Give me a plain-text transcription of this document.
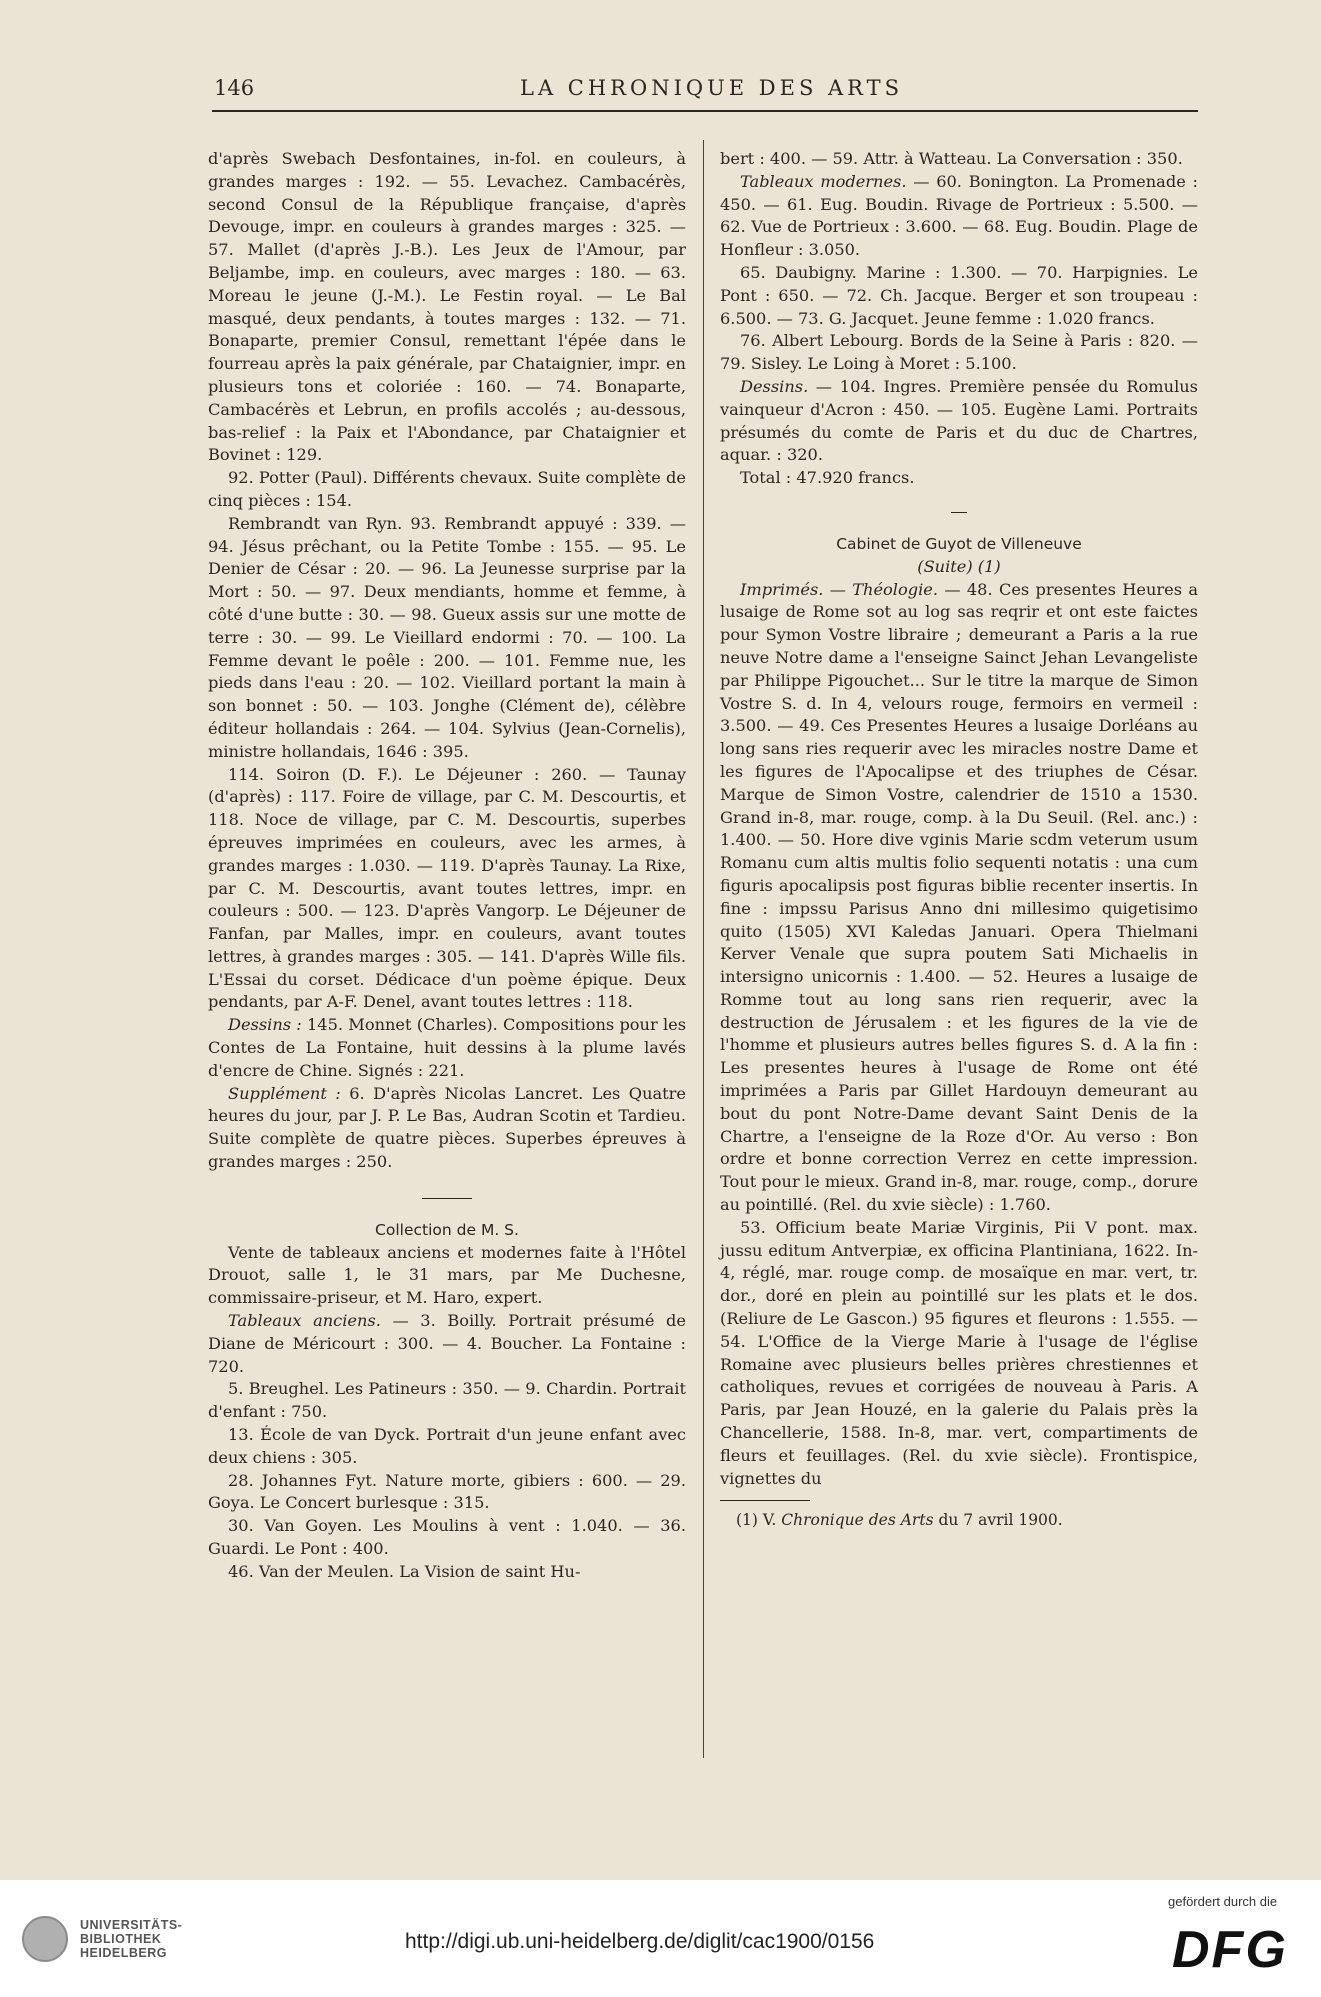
146	LA CHRONIQUE DES ARTS

d'après Swebach Desfontaines, in-fol. en couleurs, à grandes marges : 192. — 55. Levachez. Cambacérès, second Consul de la République française, d'après Devouge, impr. en couleurs à grandes marges : 325. — 57. Mallet (d'après J.-B.). Les Jeux de l'Amour, par Beljambe, imp. en couleurs, avec marges : 180. — 63. Moreau le jeune (J.-M.). Le Festin royal. — Le Bal masqué, deux pendants, à toutes marges : 132. — 71. Bonaparte, premier Consul, remettant l'épée dans le fourreau après la paix générale, par Chataignier, impr. en plusieurs tons et coloriée : 160. — 74. Bonaparte, Cambacérès et Lebrun, en profils accolés ; au-dessous, bas-relief : la Paix et l'Abondance, par Chataignier et Bovinet : 129.

92. Potter (Paul). Différents chevaux. Suite complète de cinq pièces : 154.

Rembrandt van Ryn. 93. Rembrandt appuyé : 339. — 94. Jésus prêchant, ou la Petite Tombe : 155. — 95. Le Denier de César : 20. — 96. La Jeunesse surprise par la Mort : 50. — 97. Deux mendiants, homme et femme, à côté d'une butte : 30. — 98. Gueux assis sur une motte de terre : 30. — 99. Le Vieillard endormi : 70. — 100. La Femme devant le poêle : 200. — 101. Femme nue, les pieds dans l'eau : 20. — 102. Vieillard portant la main à son bonnet : 50. — 103. Jonghe (Clément de), célèbre éditeur hollandais : 264. — 104. Sylvius (Jean-Cornelis), ministre hollandais, 1646 : 395.

114. Soiron (D. F.). Le Déjeuner : 260. — Taunay (d'après) : 117. Foire de village, par C. M. Descourtis, et 118. Noce de village, par C. M. Descourtis, superbes épreuves imprimées en couleurs, avec les armes, à grandes marges : 1.030. — 119. D'après Taunay. La Rixe, par C. M. Descourtis, avant toutes lettres, impr. en couleurs : 500. — 123. D'après Vangorp. Le Déjeuner de Fanfan, par Malles, impr. en couleurs, avant toutes lettres, à grandes marges : 305. — 141. D'après Wille fils. L'Essai du corset. Dédicace d'un poème épique. Deux pendants, par A-F. Denel, avant toutes lettres : 118.

Dessins : 145. Monnet (Charles). Compositions pour les Contes de La Fontaine, huit dessins à la plume lavés d'encre de Chine. Signés : 221.

Supplément : 6. D'après Nicolas Lancret. Les Quatre heures du jour, par J. P. Le Bas, Audran Scotin et Tardieu. Suite complète de quatre pièces. Superbes épreuves à grandes marges : 250.

Collection de M. S.

Vente de tableaux anciens et modernes faite à l'Hôtel Drouot, salle 1, le 31 mars, par Me Duchesne, commissaire-priseur, et M. Haro, expert.

Tableaux anciens. — 3. Boilly. Portrait présumé de Diane de Méricourt : 300. — 4. Boucher. La Fontaine : 720.

5. Breughel. Les Patineurs : 350. — 9. Chardin. Portrait d'enfant : 750.

13. École de van Dyck. Portrait d'un jeune enfant avec deux chiens : 305.

28. Johannes Fyt. Nature morte, gibiers : 600. — 29. Goya. Le Concert burlesque : 315.

30. Van Goyen. Les Moulins à vent : 1.040. — 36. Guardi. Le Pont : 400.

46. Van der Meulen. La Vision de saint Hu-

bert : 400. — 59. Attr. à Watteau. La Conversation : 350.

Tableaux modernes. — 60. Bonington. La Promenade : 450. — 61. Eug. Boudin. Rivage de Portrieux : 5.500. — 62. Vue de Portrieux : 3.600. — 68. Eug. Boudin. Plage de Honfleur : 3.050.

65. Daubigny. Marine : 1.300. — 70. Harpignies. Le Pont : 650. — 72. Ch. Jacque. Berger et son troupeau : 6.500. — 73. G. Jacquet. Jeune femme : 1.020 francs.

76. Albert Lebourg. Bords de la Seine à Paris : 820. — 79. Sisley. Le Loing à Moret : 5.100.

Dessins. — 104. Ingres. Première pensée du Romulus vainqueur d'Acron : 450. — 105. Eugène Lami. Portraits présumés du comte de Paris et du duc de Chartres, aquar. : 320.

Total : 47.920 francs.

Cabinet de Guyot de Villeneuve

(Suite) (1)

Imprimés. — Théologie. — 48. Ces presentes Heures a lusaige de Rome sot au log sas reqrir et ont este faictes pour Symon Vostre libraire ; demeurant a Paris a la rue neuve Notre dame a l'enseigne Sainct Jehan Levangeliste par Philippe Pigouchet... Sur le titre la marque de Simon Vostre S. d. In 4, velours rouge, fermoirs en vermeil : 3.500. — 49. Ces Presentes Heures a lusaige Dorléans au long sans ries requerir avec les miracles nostre Dame et les figures de l'Apocalipse et des triuphes de César. Marque de Simon Vostre, calendrier de 1510 a 1530. Grand in-8, mar. rouge, comp. à la Du Seuil. (Rel. anc.) : 1.400. — 50. Hore dive vginis Marie scdm veterum usum Romanu cum altis multis folio sequenti notatis : una cum figuris apocalipsis post figuras biblie recenter insertis. In fine : impssu Parisus Anno dni millesimo quigetisimo quito (1505) XVI Kaledas Januari. Opera Thielmani Kerver Venale que supra poutem Sati Michaelis in intersigno unicornis : 1.400. — 52. Heures a lusaige de Romme tout au long sans rien requerir, avec la destruction de Jérusalem : et les figures de la vie de l'homme et plusieurs autres belles figures S. d. A la fin : Les presentes heures à l'usage de Rome ont été imprimées a Paris par Gillet Hardouyn demeurant au bout du pont Notre-Dame devant Saint Denis de la Chartre, a l'enseigne de la Roze d'Or. Au verso : Bon ordre et bonne correction Verrez en cette impression. Tout pour le mieux. Grand in-8, mar. rouge, comp., dorure au pointillé. (Rel. du xvie siècle) : 1.760.

53. Officium beate Mariæ Virginis, Pii V pont. max. jussu editum Antverpiæ, ex officina Plantiniana, 1622. In-4, réglé, mar. rouge comp. de mosaïque en mar. vert, tr. dor., doré en plein au pointillé sur les plats et le dos. (Reliure de Le Gascon.) 95 figures et fleurons : 1.555. — 54. L'Office de la Vierge Marie à l'usage de l'église Romaine avec plusieurs belles prières chrestiennes et catholiques, revues et corrigées de nouveau à Paris. A Paris, par Jean Houzé, en la galerie du Palais près la Chancellerie, 1588. In-8, mar. vert, compartiments de fleurs et feuillages. (Rel. du xvie siècle). Frontispice, vignettes du

(1) V. Chronique des Arts du 7 avril 1900.

UNIVERSITÄTS-
BIBLIOTHEK
HEIDELBERG	http://digi.ub.uni-heidelberg.de/diglit/cac1900/0156
gefördert durch die
DFG
